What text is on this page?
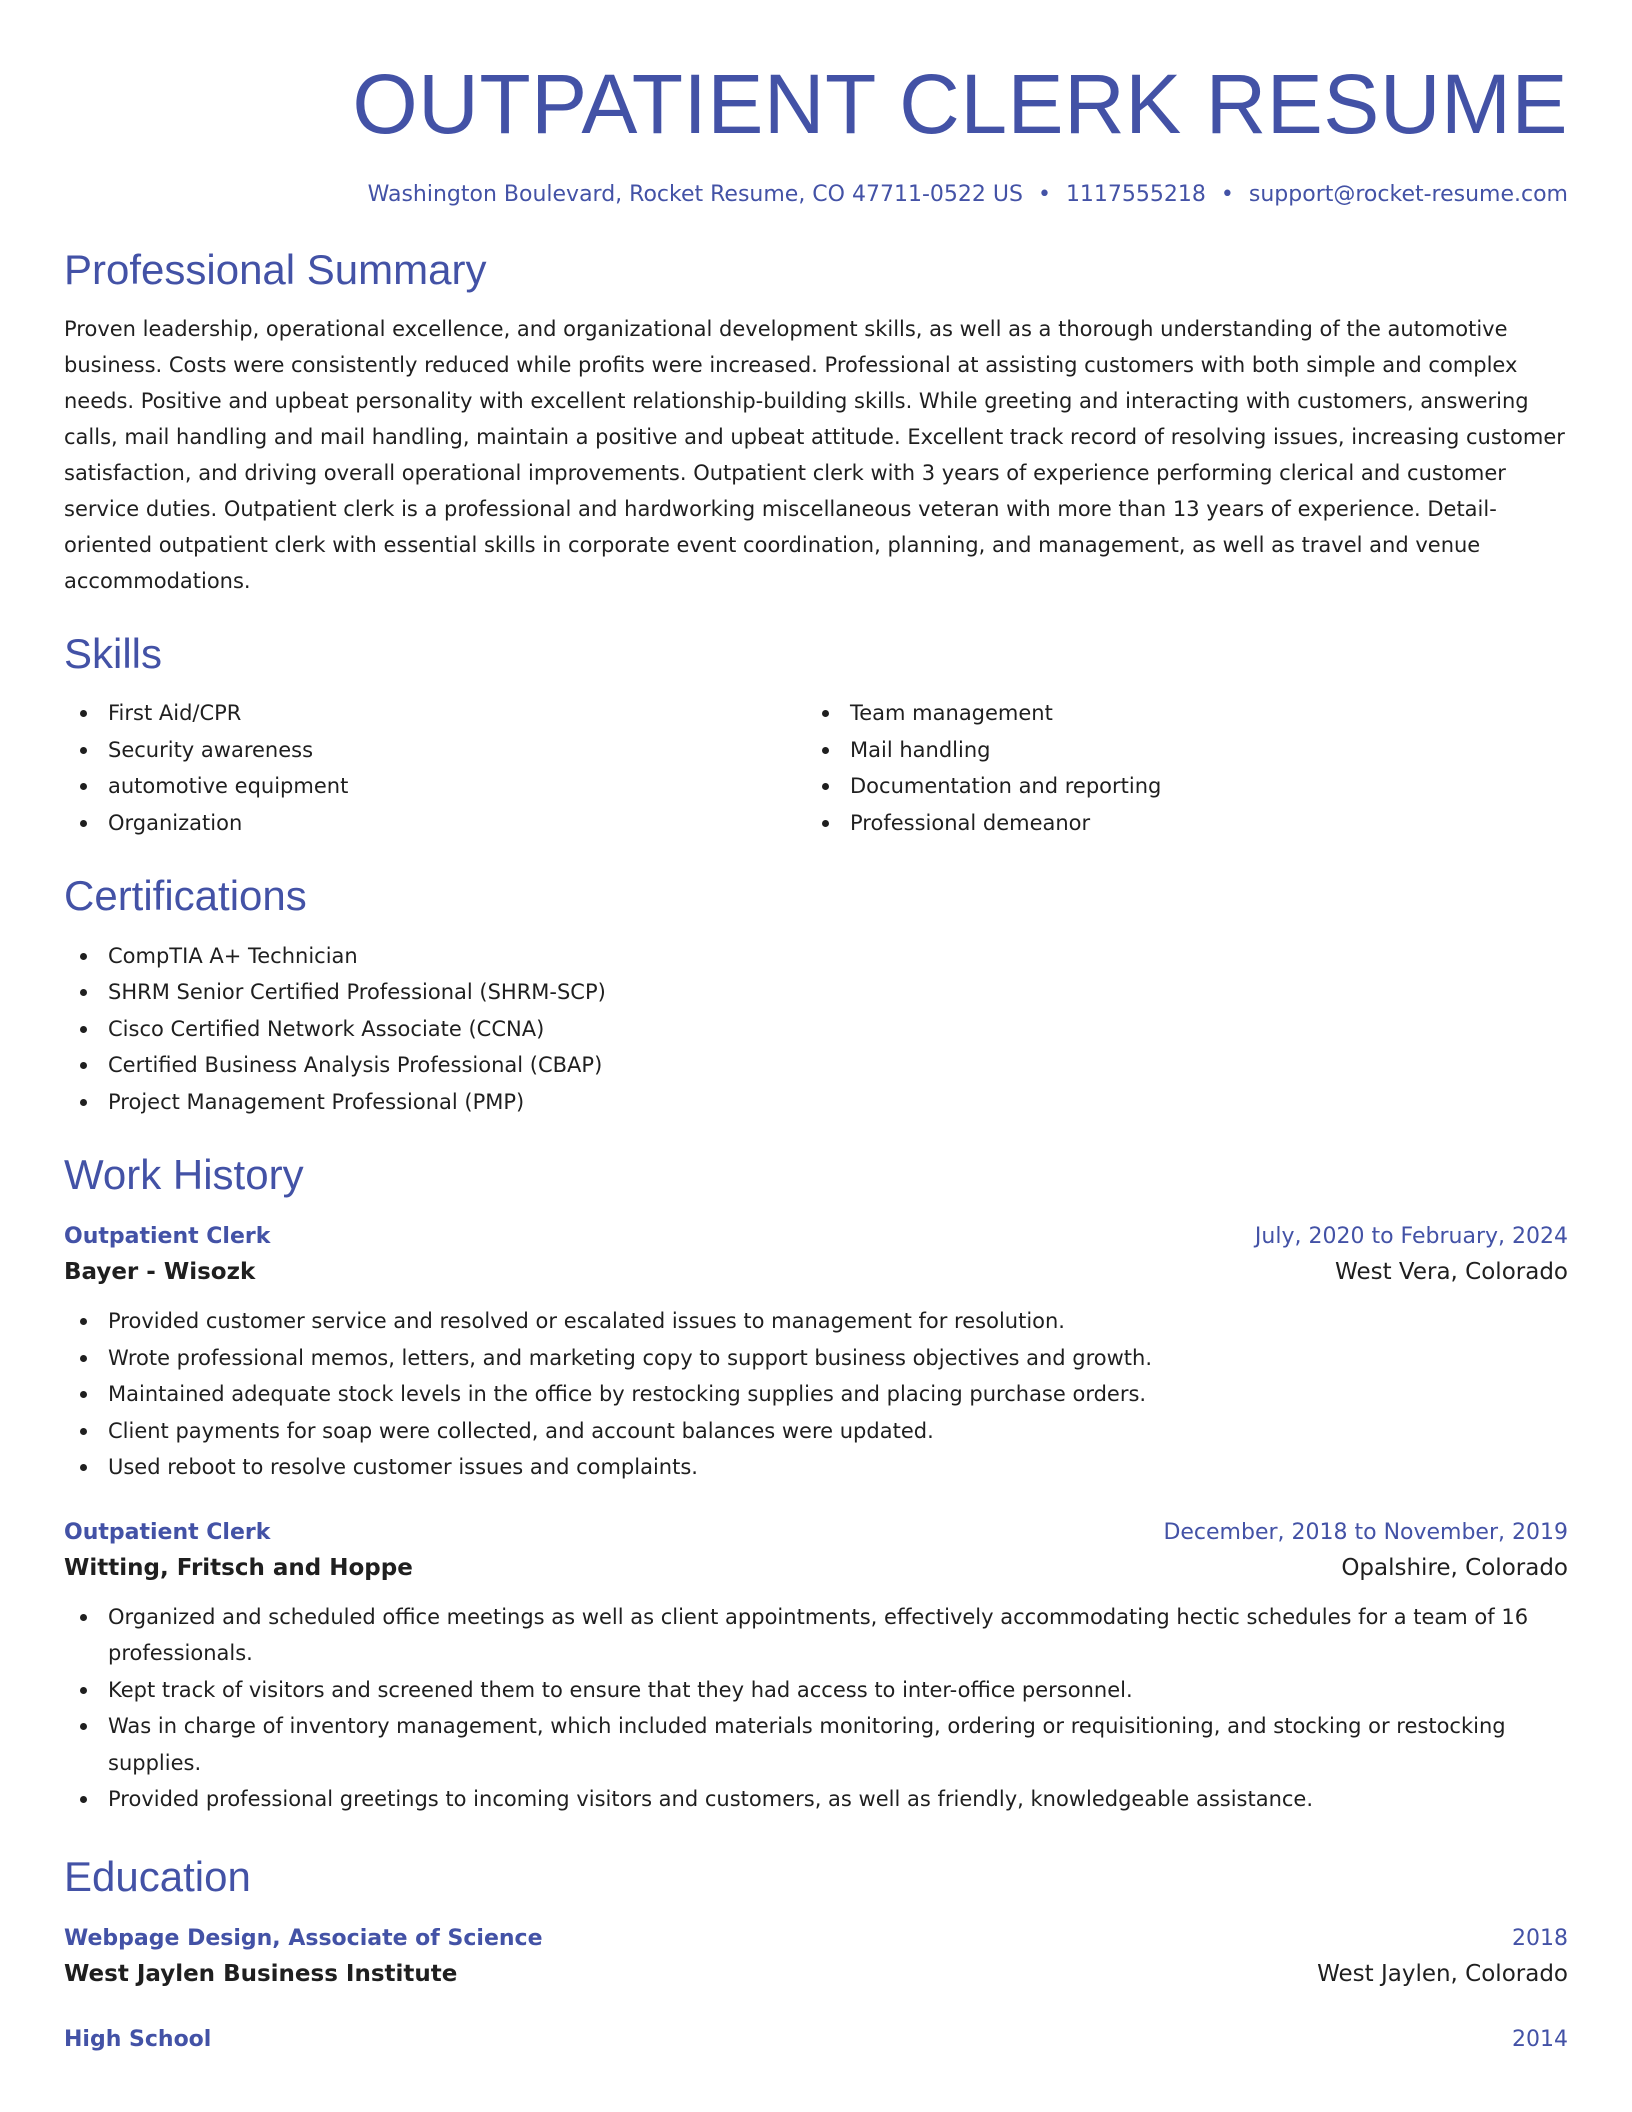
OUTPATIENT CLERK RESUME
Washington Boulevard, Rocket Resume, CO 47711-0522 US • 1117555218 • support@rocket-resume.com
Professional Summary

Proven leadership, operational excellence, and organizational development skills, as well as a thorough understanding of the automotive business. Costs were consistently reduced while profits were increased. Professional at assisting customers with both simple and complex needs. Positive and upbeat personality with excellent relationship-building skills. While greeting and interacting with customers, answering calls, mail handling and mail handling, maintain a positive and upbeat attitude. Excellent track record of resolving issues, increasing customer satisfaction, and driving overall operational improvements. Outpatient clerk with 3 years of experience performing clerical and customer service duties. Outpatient clerk is a professional and hardworking miscellaneous veteran with more than 13 years of experience. Detail-oriented outpatient clerk with essential skills in corporate event coordination, planning, and management, as well as travel and venue accommodations.

Skills
First Aid/CPR
Security awareness
automotive equipment
Organization
Team management
Mail handling
Documentation and reporting
Professional demeanor
Certifications
CompTIA A+ Technician
SHRM Senior Certified Professional (SHRM-SCP)
Cisco Certified Network Associate (CCNA)
Certified Business Analysis Professional (CBAP)
Project Management Professional (PMP)
Work History
Outpatient Clerk	July, 2020 to February, 2024
Bayer - Wisozk	West Vera, Colorado
Provided customer service and resolved or escalated issues to management for resolution.
Wrote professional memos, letters, and marketing copy to support business objectives and growth.
Maintained adequate stock levels in the office by restocking supplies and placing purchase orders.
Client payments for soap were collected, and account balances were updated.
Used reboot to resolve customer issues and complaints.
Outpatient Clerk	December, 2018 to November, 2019
Witting, Fritsch and Hoppe	Opalshire, Colorado
Organized and scheduled office meetings as well as client appointments, effectively accommodating hectic schedules for a team of 16 professionals.
Kept track of visitors and screened them to ensure that they had access to inter-office personnel.
Was in charge of inventory management, which included materials monitoring, ordering or requisitioning, and stocking or restocking supplies.
Provided professional greetings to incoming visitors and customers, as well as friendly, knowledgeable assistance.
Education
Webpage Design, Associate of Science	2018
West Jaylen Business Institute	West Jaylen, Colorado
High School	2014
